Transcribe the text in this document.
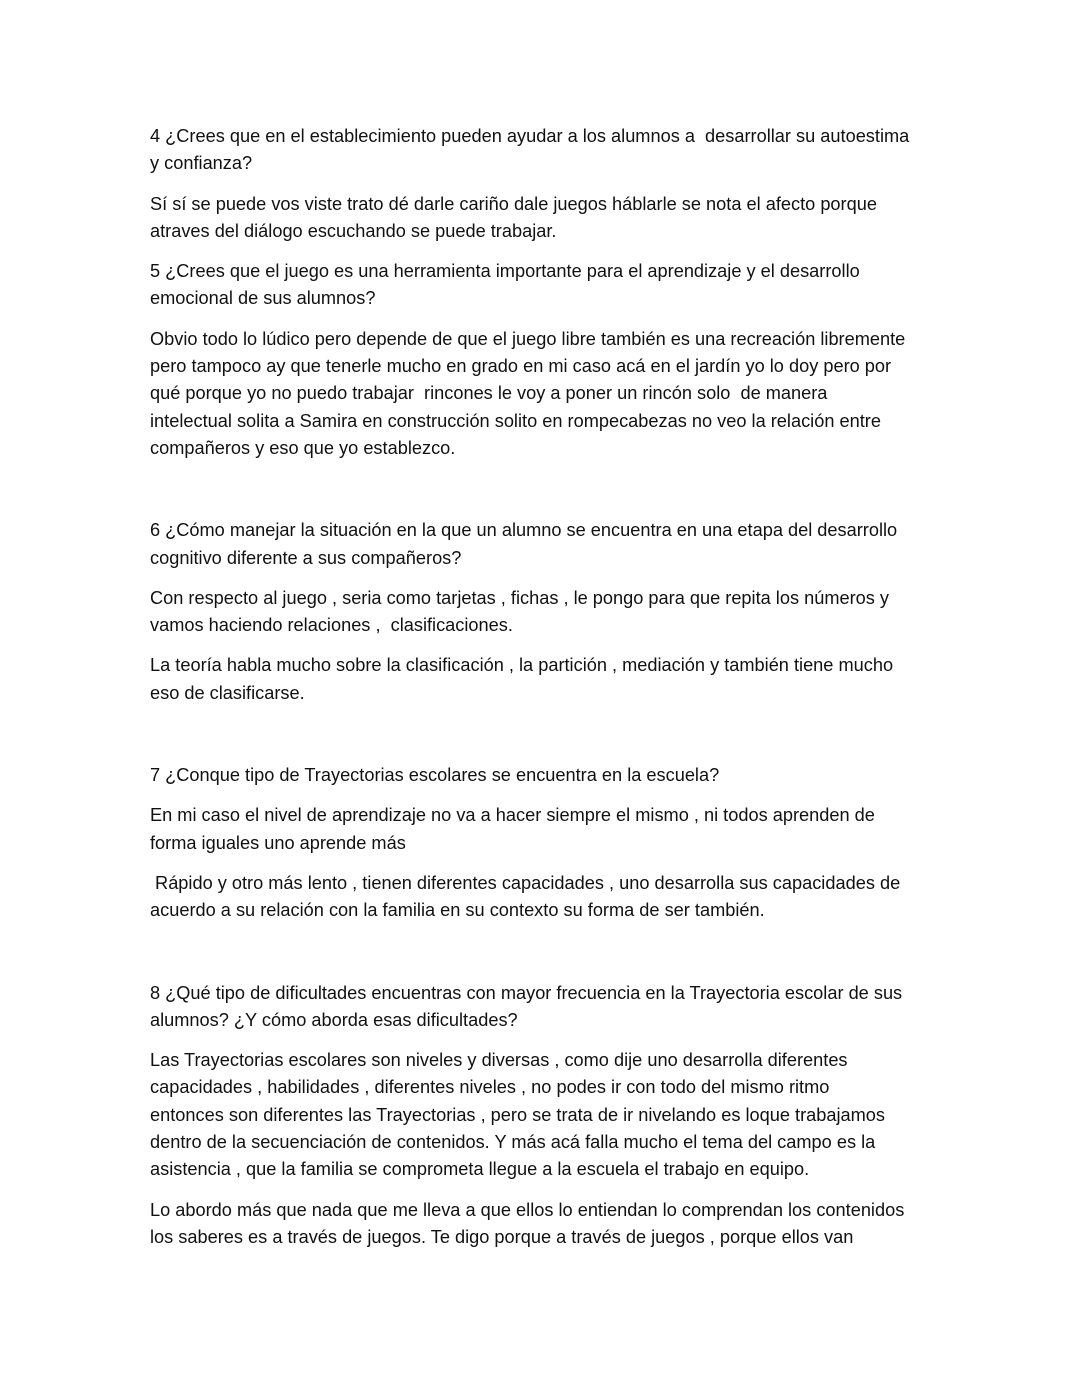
4 ¿Crees que en el establecimiento pueden ayudar a los alumnos a  desarrollar su autoestima
y confianza?

Sí sí se puede vos viste trato dé darle cariño dale juegos háblarle se nota el afecto porque
atraves del diálogo escuchando se puede trabajar.

5 ¿Crees que el juego es una herramienta importante para el aprendizaje y el desarrollo
emocional de sus alumnos?

Obvio todo lo lúdico pero depende de que el juego libre también es una recreación libremente
pero tampoco ay que tenerle mucho en grado en mi caso acá en el jardín yo lo doy pero por
qué porque yo no puedo trabajar  rincones le voy a poner un rincón solo  de manera
intelectual solita a Samira en construcción solito en rompecabezas no veo la relación entre
compañeros y eso que yo establezco.

6 ¿Cómo manejar la situación en la que un alumno se encuentra en una etapa del desarrollo
cognitivo diferente a sus compañeros?

Con respecto al juego , seria como tarjetas , fichas , le pongo para que repita los números y
vamos haciendo relaciones ,  clasificaciones.

La teoría habla mucho sobre la clasificación , la partición , mediación y también tiene mucho
eso de clasificarse.

7 ¿Conque tipo de Trayectorias escolares se encuentra en la escuela?

En mi caso el nivel de aprendizaje no va a hacer siempre el mismo , ni todos aprenden de
forma iguales uno aprende más

Rápido y otro más lento , tienen diferentes capacidades , uno desarrolla sus capacidades de
acuerdo a su relación con la familia en su contexto su forma de ser también.

8 ¿Qué tipo de dificultades encuentras con mayor frecuencia en la Trayectoria escolar de sus
alumnos? ¿Y cómo aborda esas dificultades?

Las Trayectorias escolares son niveles y diversas , como dije uno desarrolla diferentes
capacidades , habilidades , diferentes niveles , no podes ir con todo del mismo ritmo
entonces son diferentes las Trayectorias , pero se trata de ir nivelando es loque trabajamos
dentro de la secuenciación de contenidos. Y más acá falla mucho el tema del campo es la
asistencia , que la familia se comprometa llegue a la escuela el trabajo en equipo.

Lo abordo más que nada que me lleva a que ellos lo entiendan lo comprendan los contenidos
los saberes es a través de juegos. Te digo porque a través de juegos , porque ellos van
